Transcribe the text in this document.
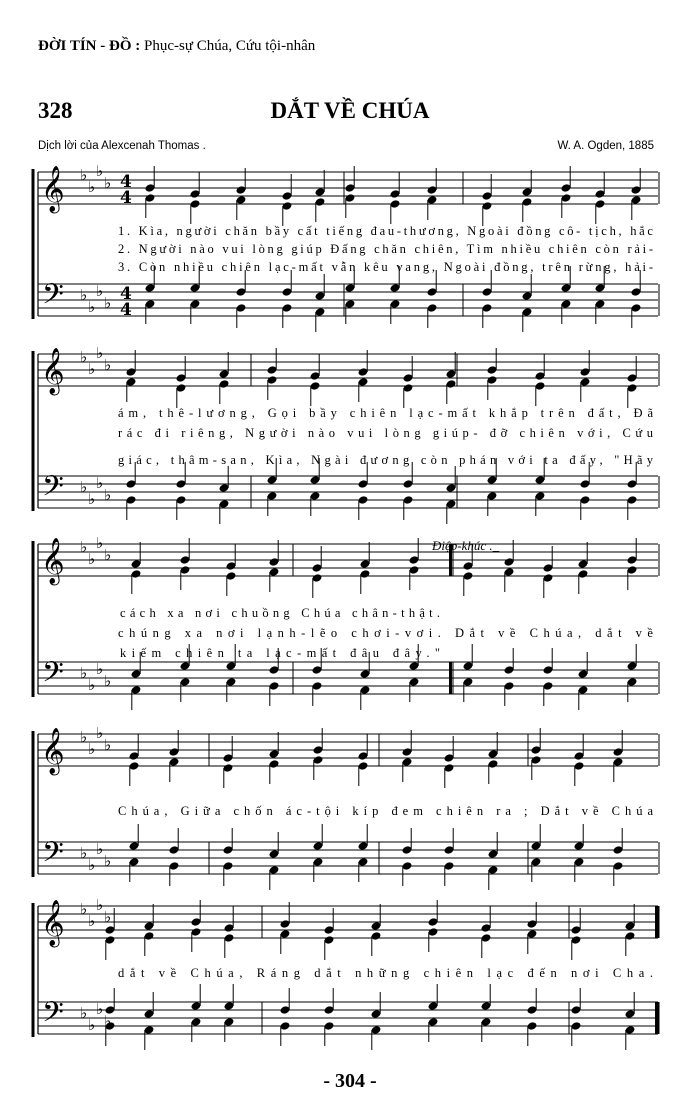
ĐỜI TÍN - ĐỒ : Phục-sự Chúa, Cứu tội-nhân
328	DẮT VỀ CHÚA
Dịch lời của Alexcenah Thomas .	W. A. Ogden, 1885
𝄞
𝄢
4
4
4
4
1. Kìa, người chăn bầy cất tiếng đau-thương, Ngoài đồng cô- tịch, hắc
2. Người nào vui lòng giúp Đấng chăn chiên, Tìm nhiều chiên còn rải-
3. Còn nhiều chiên lạc-mất vẫn kêu vang, Ngoài đồng, trên rừng, hải-
♭
♭
♭
♭
♭
♭
♭
♭
𝄞
𝄢
ám, thê-lương, Gọi bầy chiên lạc-mất khắp trên đất, Đã
rác đi riêng, Người nào vui lòng giúp- đỡ chiên với, Cứu
giác, thâm-san, Kìa, Ngài đương còn phán với ta đấy, "Hãy
♭
♭
♭
♭
♭
♭
♭
♭
𝄞
𝄢
cách xa nơi chuồng Chúa chân-thật.
chúng xa nơi lạnh-lẽo chơi-vơi. Dắt về Chúa, dắt về
kiếm chiên ta lạc-mất đâu đây."
♭
♭
♭
♭
♭
♭
♭
♭
𝄞
𝄢
Chúa, Giữa chốn ác-tội kíp đem chiên ra ; Dắt về Chúa
♭
♭
♭
♭
♭
♭
♭
♭
𝄞
𝄢
dắt về Chúa, Ráng dắt những chiên lạc đến nơi Cha.
♭
♭
♭
♭
♭
♭
♭
♭
Điệp-khúc ._
- 304 -
